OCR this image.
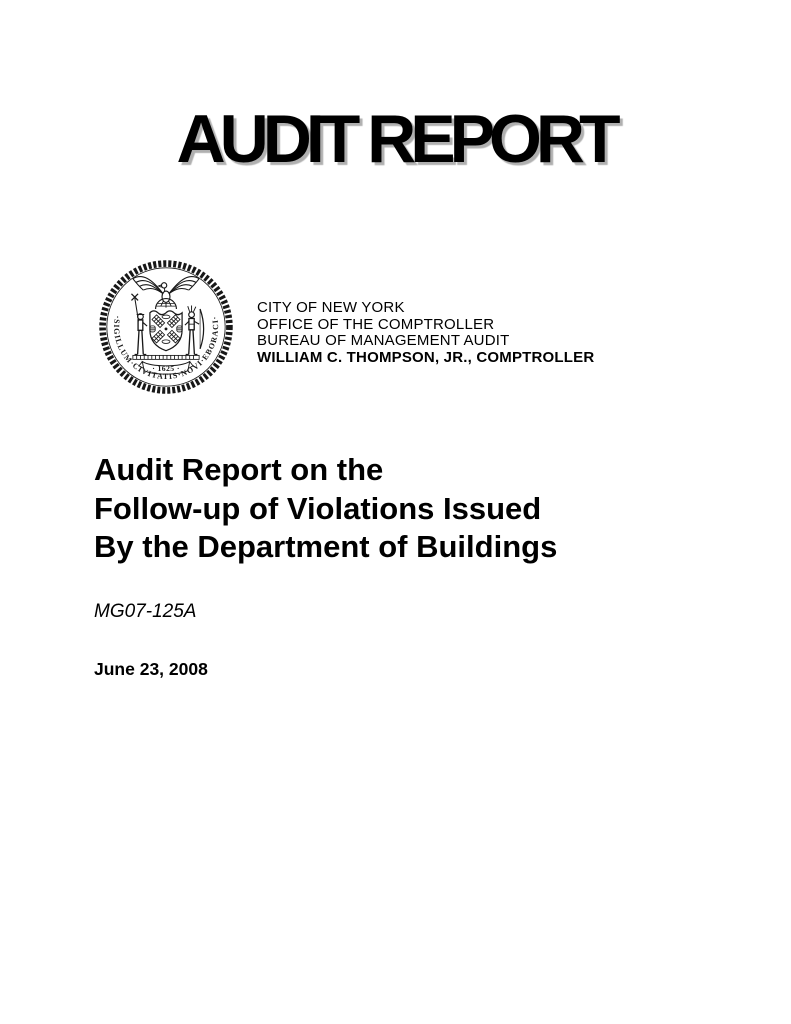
AUDIT REPORT
·SIGILLUM·CIVITATIS·NOVI·EBORACI·
· 1625 ·
CITY OF NEW YORK
OFFICE OF THE COMPTROLLER
BUREAU OF MANAGEMENT AUDIT
WILLIAM C. THOMPSON, JR., COMPTROLLER
Audit Report on the
Follow-up of Violations Issued
By the Department of Buildings
MG07-125A
June 23, 2008
